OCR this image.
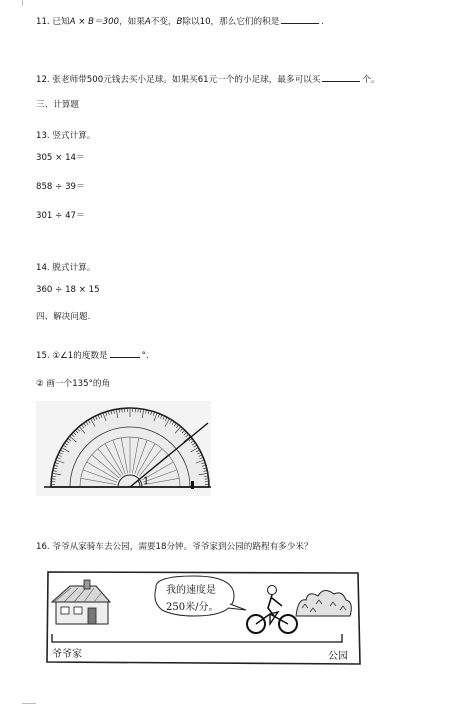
11. 已知A × B＝300，如果A不变，B除以10，那么它们的积是	.
12. 张老师带500元钱去买小足球。如果买61元一个的小足球，最多可以买	个。
三、计算题
13. 竖式计算。
305 × 14＝
858 ÷ 39＝
301 ÷ 47＝
14. 脱式计算。
360 ÷ 18 × 15
四、解决问题.
15. ①∠1的度数是	°.
② 画一个135°的角
1
16. 爷爷从家骑车去公园，需要18分钟。爷爷家到公园的路程有多少米？
我的速度是
250米/分。
爷爷家	公园
